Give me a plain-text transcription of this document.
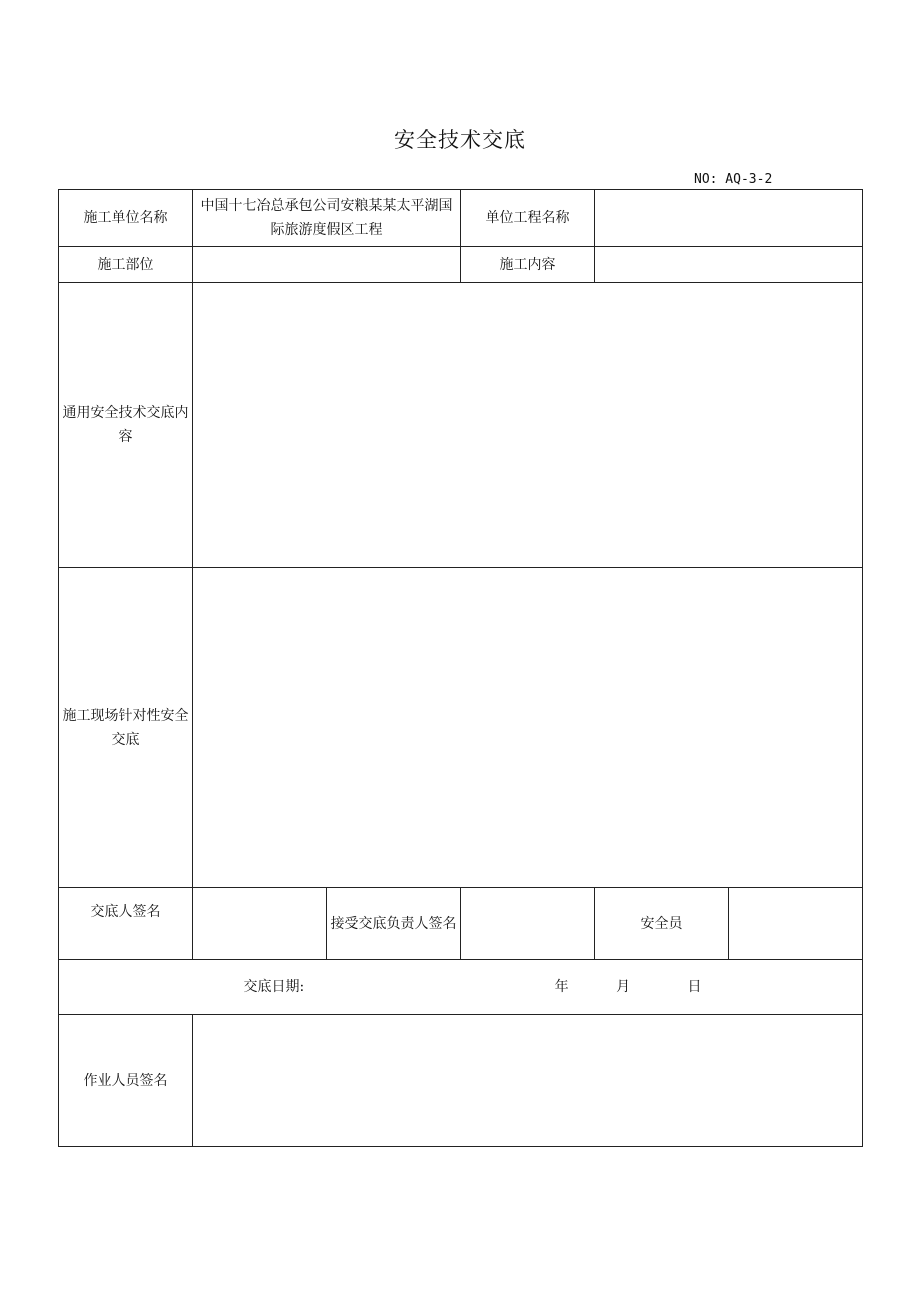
安全技术交底
NO: AQ-3-2
施工单位名称	中国十七冶总承包公司安粮某某太平湖国际旅游度假区工程		单位工程名称		
施工部位			施工内容		
通用安全技术交底内容					
施工现场针对性安全交底					
交底人签名		接受交底负责人签名		安全员	
交底日期: 年 月 日					
作业人员签名					
